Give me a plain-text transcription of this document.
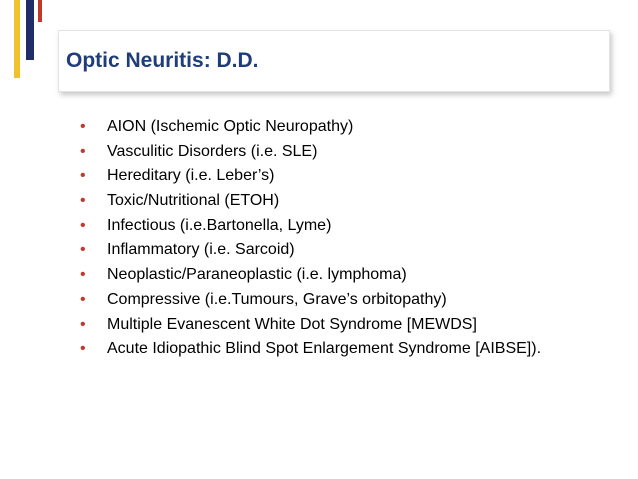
Optic Neuritis: D.D.
• AION (Ischemic Optic Neuropathy)
• Vasculitic Disorders (i.e. SLE)
• Hereditary (i.e. Leber’s)
• Toxic/Nutritional (ETOH)
• Infectious (i.e.Bartonella, Lyme)
• Inflammatory (i.e. Sarcoid)
• Neoplastic/Paraneoplastic (i.e. lymphoma)
• Compressive (i.e.Tumours, Grave’s orbitopathy)
• Multiple Evanescent White Dot Syndrome [MEWDS]
• Acute Idiopathic Blind Spot Enlargement Syndrome [AIBSE]).
